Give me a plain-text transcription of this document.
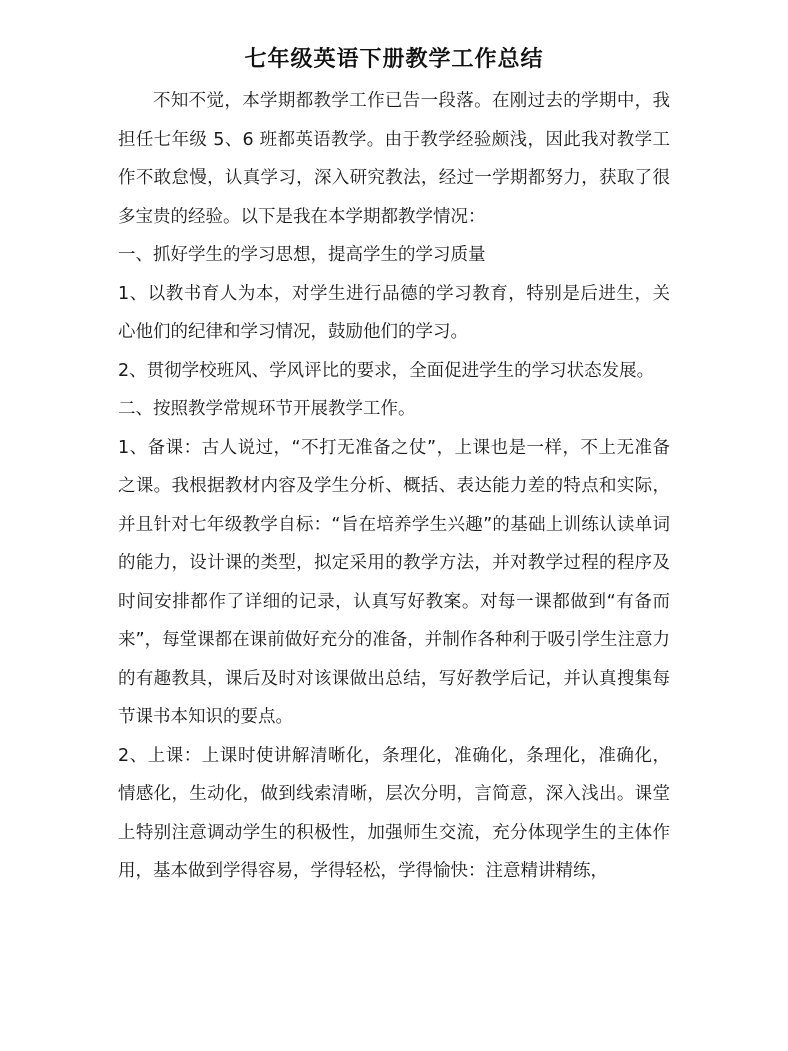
七年级英语下册教学工作总结

不知不觉，本学期都教学工作已告一段落。在刚过去的学期中，我担任七年级 5、6 班都英语教学。由于教学经验颇浅，因此我对教学工作不敢怠慢，认真学习，深入研究教法，经过一学期都努力，获取了很多宝贵的经验。以下是我在本学期都教学情况：

一、抓好学生的学习思想，提高学生的学习质量

1、以教书育人为本，对学生进行品德的学习教育，特别是后进生，关心他们的纪律和学习情况，鼓励他们的学习。

2、贯彻学校班风、学风评比的要求，全面促进学生的学习状态发展。

二、按照教学常规环节开展教学工作。

1、备课：古人说过，“不打无准备之仗”，上课也是一样，不上无准备之课。我根据教材内容及学生分析、概括、表达能力差的特点和实际，并且针对七年级教学自标：“旨在培养学生兴趣”的基础上训练认读单词的能力，设计课的类型，拟定采用的教学方法，并对教学过程的程序及时间安排都作了详细的记录，认真写好教案。对每一课都做到“有备而来”，每堂课都在课前做好充分的准备，并制作各种利于吸引学生注意力的有趣教具，课后及时对该课做出总结，写好教学后记，并认真搜集每节课书本知识的要点。

2、上课：上课时使讲解清晰化，条理化，准确化，条理化，准确化，情感化，生动化，做到线索清晰，层次分明，言简意，深入浅出。课堂上特别注意调动学生的积极性，加强师生交流，充分体现学生的主体作用，基本做到学得容易，学得轻松，学得愉快：注意精讲精练，
